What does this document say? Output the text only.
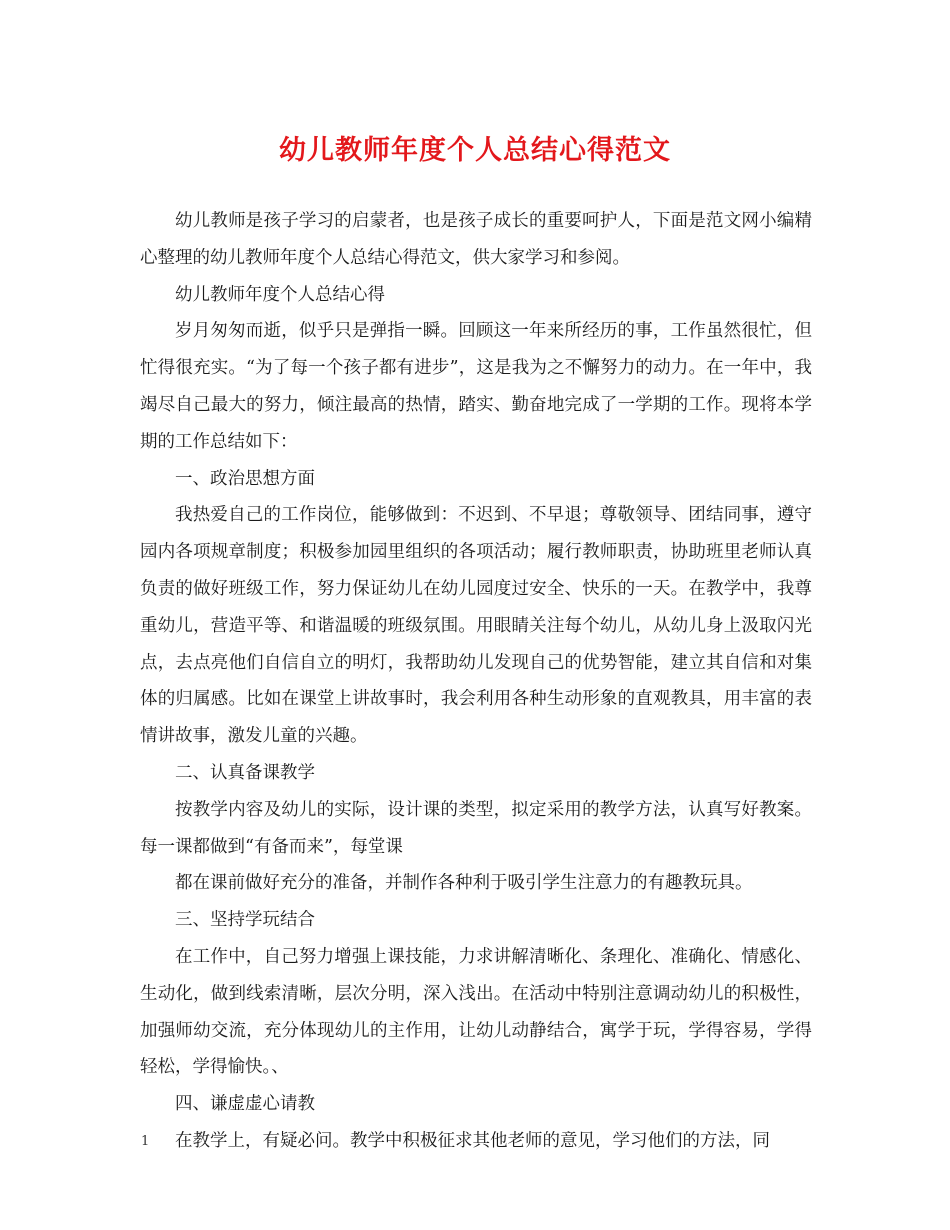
幼儿教师年度个人总结心得范文

幼儿教师是孩子学习的启蒙者，也是孩子成长的重要呵护人，下面是范文网小编精心整理的幼儿教师年度个人总结心得范文，供大家学习和参阅。

幼儿教师年度个人总结心得

岁月匆匆而逝，似乎只是弹指一瞬。回顾这一年来所经历的事，工作虽然很忙，但忙得很充实。“为了每一个孩子都有进步”，这是我为之不懈努力的动力。在一年中，我竭尽自己最大的努力，倾注最高的热情，踏实、勤奋地完成了一学期的工作。现将本学期的工作总结如下：

一、政治思想方面

我热爱自己的工作岗位，能够做到：不迟到、不早退；尊敬领导、团结同事，遵守园内各项规章制度；积极参加园里组织的各项活动；履行教师职责，协助班里老师认真负责的做好班级工作，努力保证幼儿在幼儿园度过安全、快乐的一天。在教学中，我尊重幼儿，营造平等、和谐温暖的班级氛围。用眼睛关注每个幼儿，从幼儿身上汲取闪光点，去点亮他们自信自立的明灯，我帮助幼儿发现自己的优势智能，建立其自信和对集体的归属感。比如在课堂上讲故事时，我会利用各种生动形象的直观教具，用丰富的表情讲故事，激发儿童的兴趣。

二、认真备课教学

按教学内容及幼儿的实际，设计课的类型，拟定采用的教学方法，认真写好教案。每一课都做到“有备而来”，每堂课

都在课前做好充分的准备，并制作各种利于吸引学生注意力的有趣教玩具。

三、坚持学玩结合

在工作中，自己努力增强上课技能，力求讲解清晰化、条理化、准确化、情感化、生动化，做到线索清晰，层次分明，深入浅出。在活动中特别注意调动幼儿的积极性，加强师幼交流，充分体现幼儿的主作用，让幼儿动静结合，寓学于玩，学得容易，学得轻松，学得愉快。、

四、谦虚虚心请教

在教学上，有疑必问。教学中积极征求其他老师的意见，学习他们的方法，同

1
